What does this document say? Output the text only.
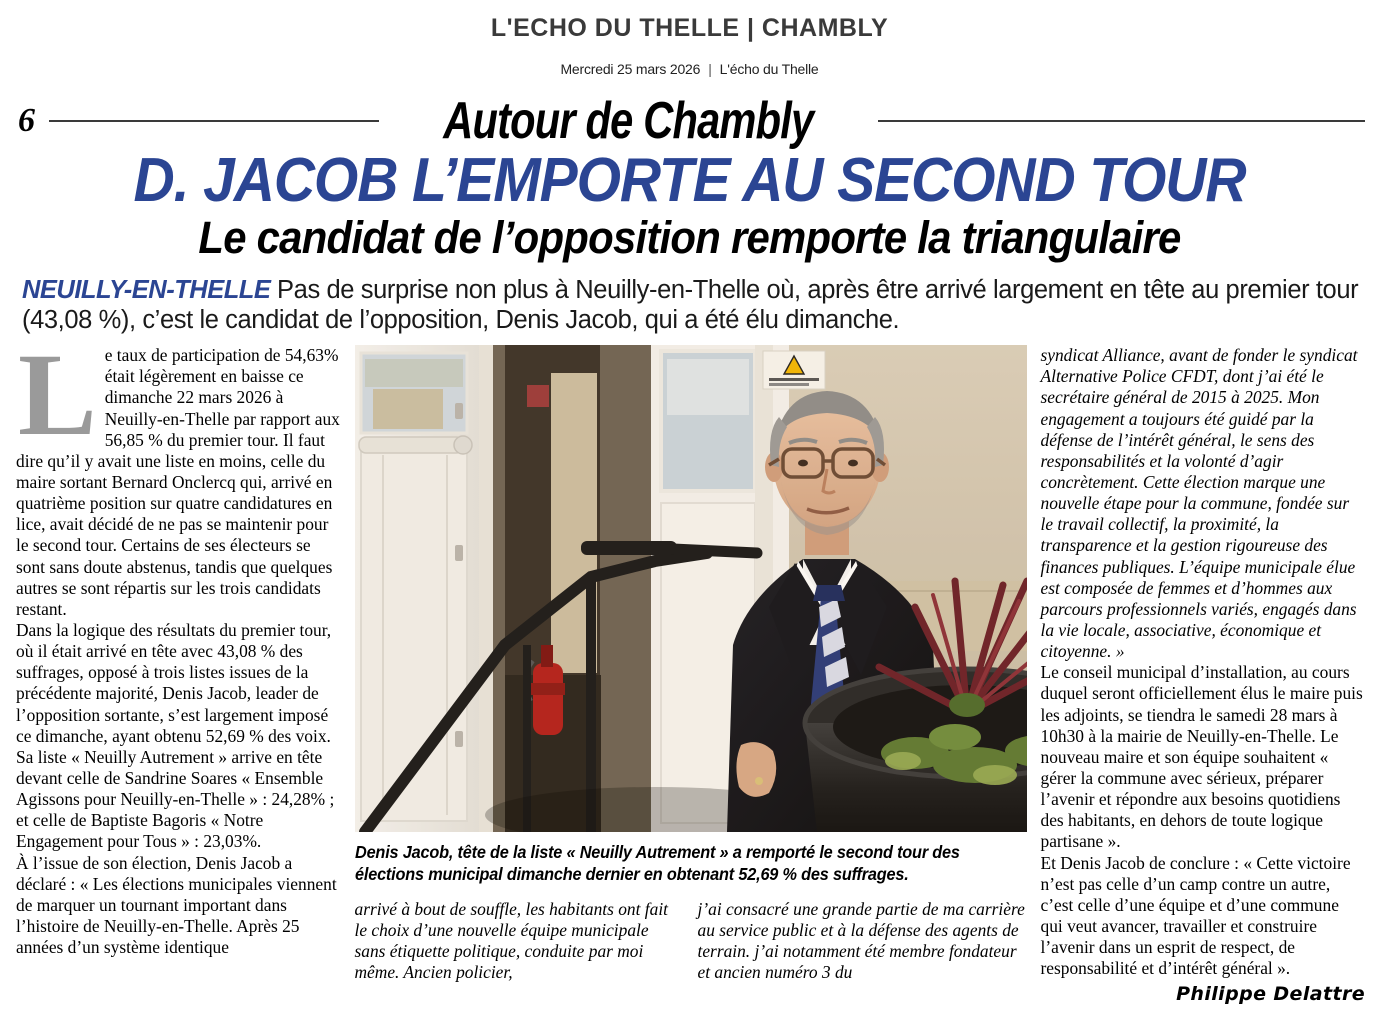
L'ECHO DU THELLE | CHAMBLY
Mercredi 25 mars 2026 | L'écho du Thelle
6	Autour de Chambly
D. JACOB L’EMPORTE AU SECOND TOUR
Le candidat de l’opposition remporte la triangulaire
NEUILLY-EN-THELLE Pas de surprise non plus à Neuilly-en-Thelle où, après être arrivé largement en tête au premier tour (43,08 %), c’est le candidat de l’opposition, Denis Jacob, qui a été élu dimanche.
L e taux de participation de 54,63% était légèrement en baisse ce dimanche 22 mars 2026 à Neuilly-en-Thelle par rapport aux 56,85 % du premier tour. Il faut dire qu’il y avait une liste en moins, celle du maire sortant Bernard Onclercq qui, arrivé en quatrième position sur quatre candidatures en lice, avait décidé de ne pas se maintenir pour le second tour. Certains de ses électeurs se sont sans doute abstenus, tandis que quelques autres se sont répartis sur les trois candidats restant.

Dans la logique des résultats du premier tour, où il était arrivé en tête avec 43,08 % des suffrages, opposé à trois listes issues de la précédente majorité, Denis Jacob, leader de l’opposition sortante, s’est largement imposé ce dimanche, ayant obtenu 52,69 % des voix. Sa liste « Neuilly Autrement » arrive en tête devant celle de Sandrine Soares « Ensemble Agissons pour Neuilly-en-Thelle » : 24,28% ; et celle de Baptiste Bagoris « Notre Engagement pour Tous » : 23,03%.

À l’issue de son élection, Denis Jacob a déclaré : « Les élections municipales viennent de marquer un tournant important dans l’histoire de Neuilly-en-Thelle. Après 25 années d’un système identique

Denis Jacob, tête de la liste « Neuilly Autrement » a remporté le second tour des élections municipal dimanche dernier en obtenant 52,69 % des suffrages.

arrivé à bout de souffle, les habitants ont fait le choix d’une nouvelle équipe municipale sans étiquette politique, conduite par moi même. Ancien policier,

j’ai consacré une grande partie de ma carrière au service public et à la défense des agents de terrain. j’ai notamment été membre fondateur et ancien numéro 3 du

syndicat Alliance, avant de fonder le syndicat Alternative Police CFDT, dont j’ai été le secrétaire général de 2015 à 2025. Mon engagement a toujours été guidé par la défense de l’intérêt général, le sens des responsabilités et la volonté d’agir concrètement. Cette élection marque une nouvelle étape pour la commune, fondée sur le travail collectif, la proximité, la transparence et la gestion rigoureuse des finances publiques. L’équipe municipale élue est composée de femmes et d’hommes aux parcours professionnels variés, engagés dans la vie locale, associative, économique et citoyenne. »

Le conseil municipal d’installation, au cours duquel seront officiellement élus le maire puis les adjoints, se tiendra le samedi 28 mars à 10h30 à la mairie de Neuilly-en-Thelle. Le nouveau maire et son équipe souhaitent « gérer la commune avec sérieux, préparer l’avenir et répondre aux besoins quotidiens des habitants, en dehors de toute logique partisane ».

Et Denis Jacob de conclure : « Cette victoire n’est pas celle d’un camp contre un autre, c’est celle d’une équipe et d’une commune qui veut avancer, travailler et construire l’avenir dans un esprit de respect, de responsabilité et d’intérêt général ».

Philippe Delattre
